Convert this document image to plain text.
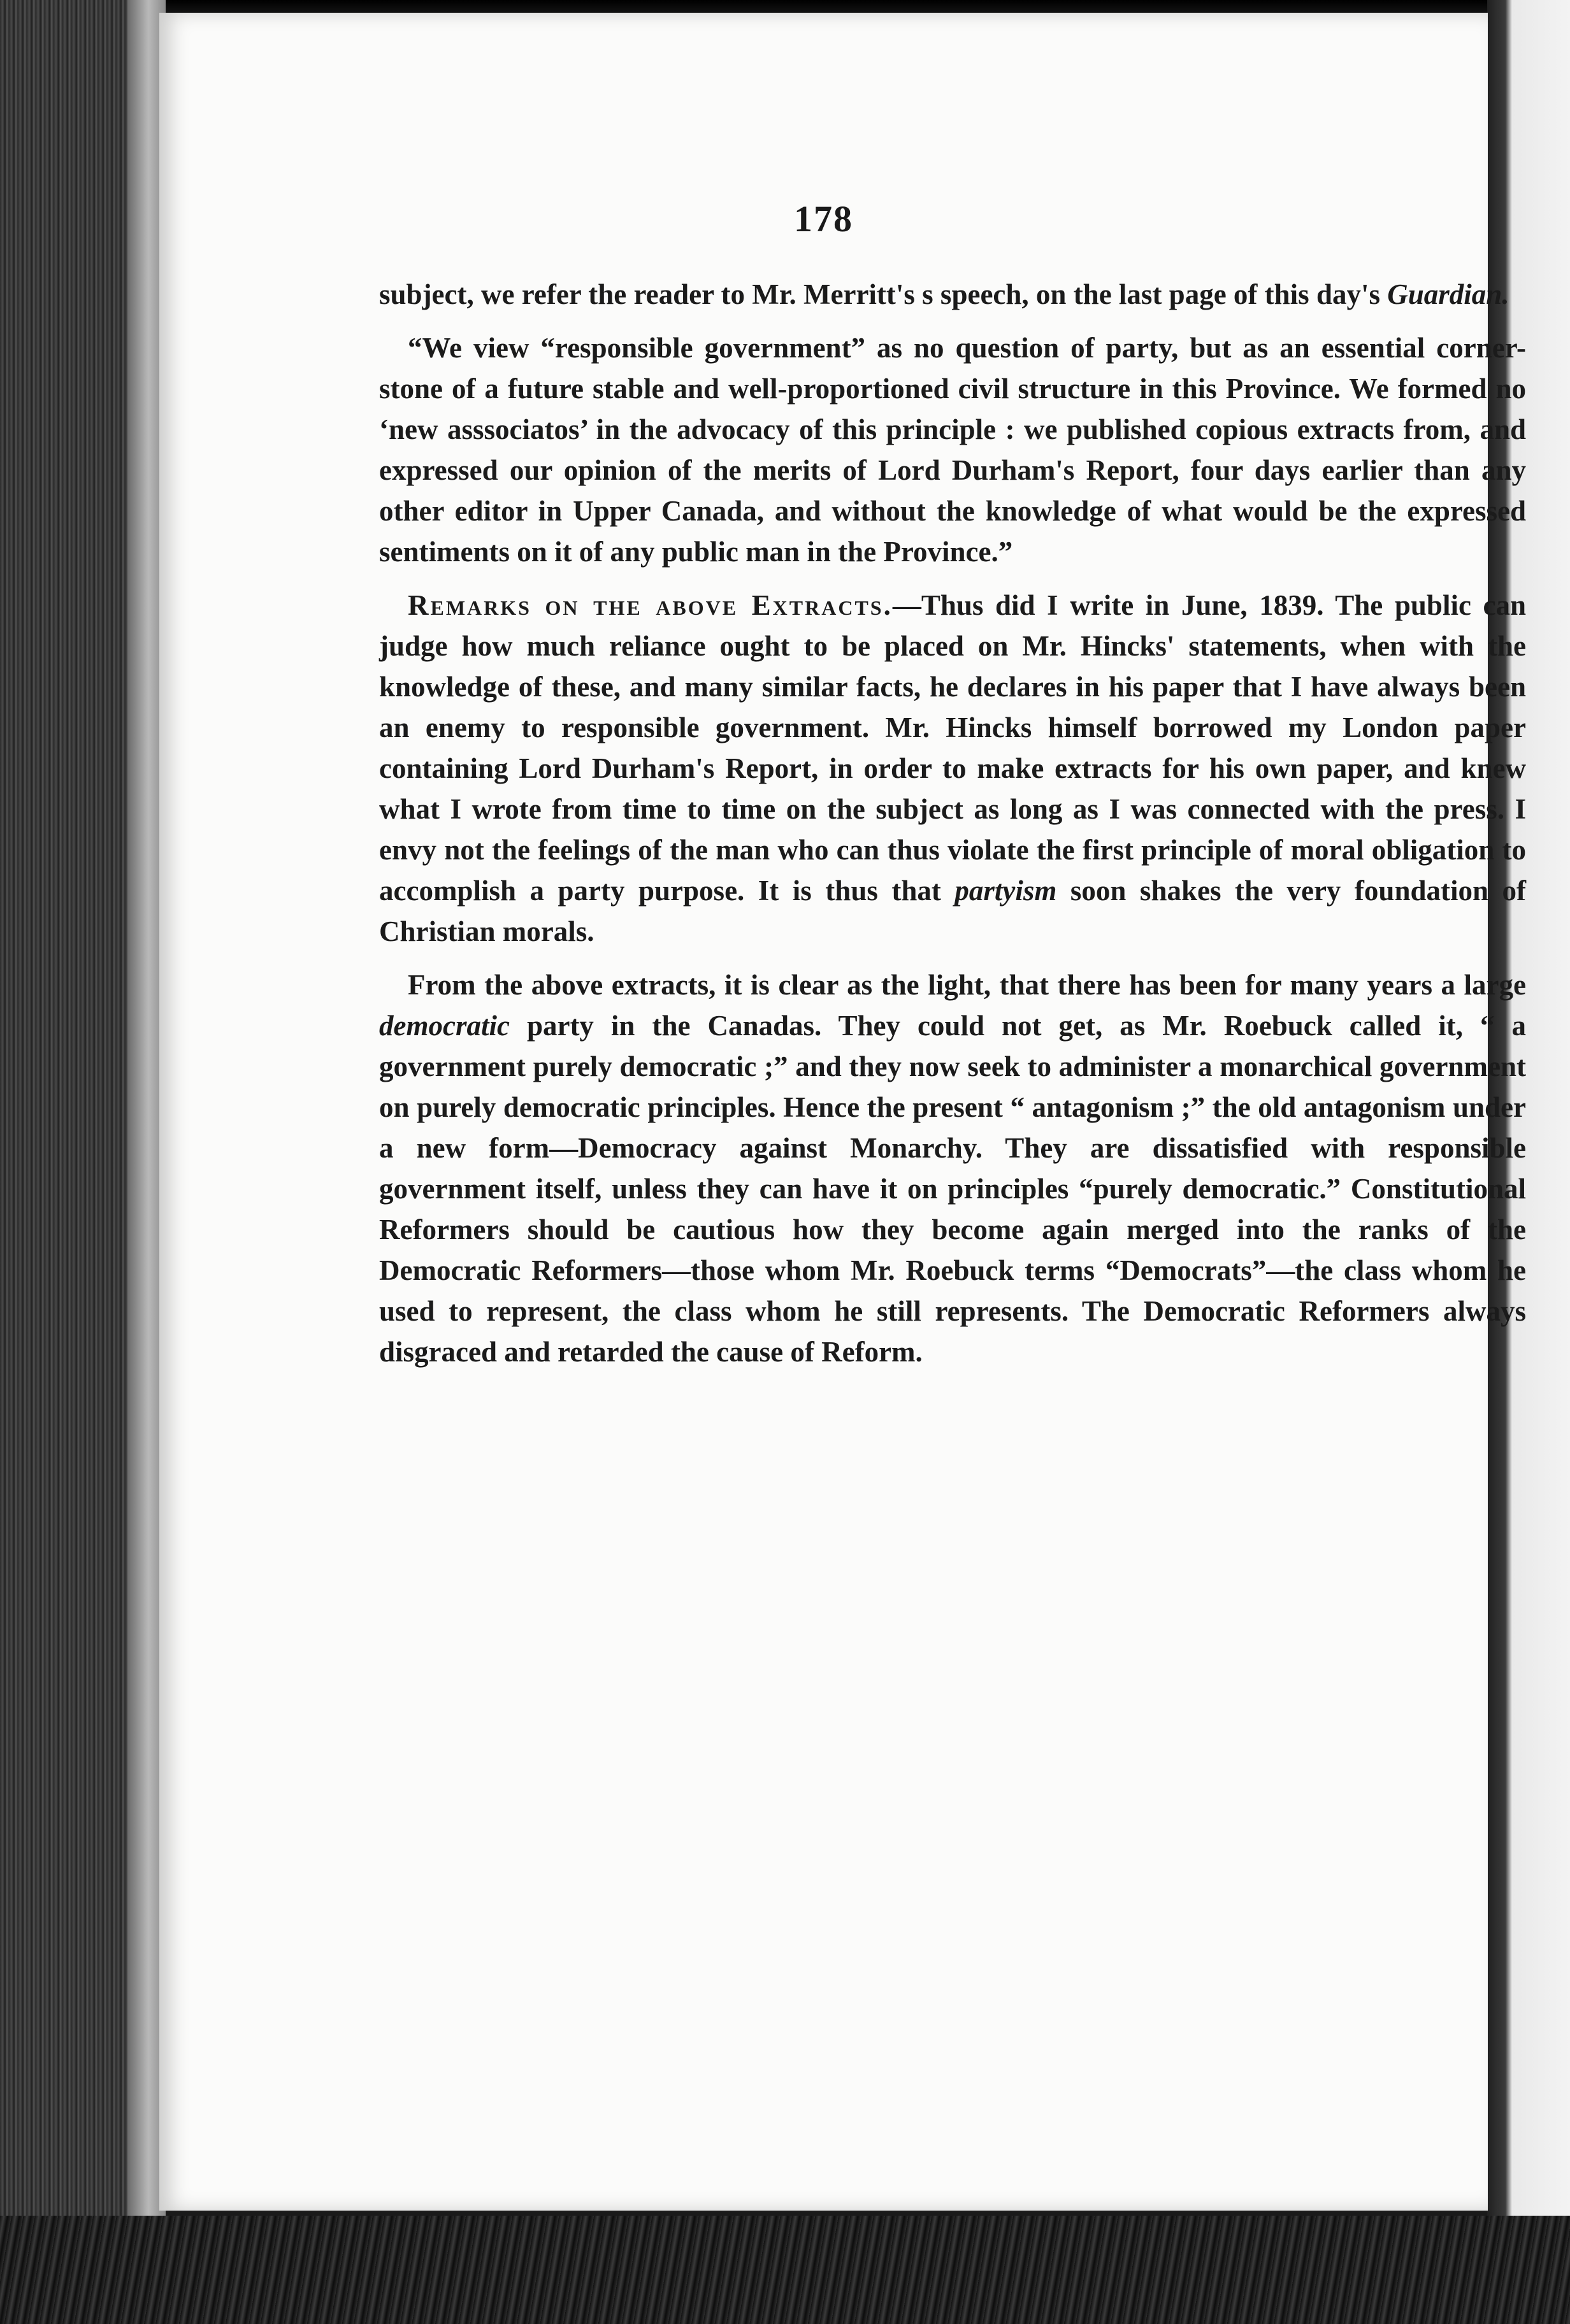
178

subject, we refer the reader to Mr. Merritt's s speech, on the last page of this day's Guardian.

“We view “responsible government” as no question of party, but as an essential corner-stone of a future stable and well-proportioned civil structure in this Province. We formed no ‘new asssociatos’ in the advocacy of this principle : we published copious extracts from, and expressed our opinion of the merits of Lord Durham's Report, four days earlier than any other editor in Upper Canada, and without the knowledge of what would be the expressed sentiments on it of any public man in the Province.”

Remarks on the above Extracts.—Thus did I write in June, 1839. The public can judge how much reliance ought to be placed on Mr. Hincks' statements, when with the knowledge of these, and many similar facts, he declares in his paper that I have always been an enemy to responsible government. Mr. Hincks himself borrowed my London paper containing Lord Durham's Report, in order to make extracts for his own paper, and knew what I wrote from time to time on the subject as long as I was connected with the press. I envy not the feelings of the man who can thus violate the first principle of moral obligation to accomplish a party purpose. It is thus that partyism soon shakes the very foundation of Christian morals.

From the above extracts, it is clear as the light, that there has been for many years a large democratic party in the Canadas. They could not get, as Mr. Roebuck called it, “ a government purely democratic ;” and they now seek to administer a monarchical government on purely democratic principles. Hence the present “ antagonism ;” the old antagonism under a new form—Democracy against Monarchy. They are dissatisfied with responsible government itself, unless they can have it on principles “purely democratic.” Constitutional Reformers should be cautious how they become again merged into the ranks of the Democratic Reformers—those whom Mr. Roebuck terms “Democrats”—the class whom he used to represent, the class whom he still represents. The Democratic Reformers always disgraced and retarded the cause of Reform.
